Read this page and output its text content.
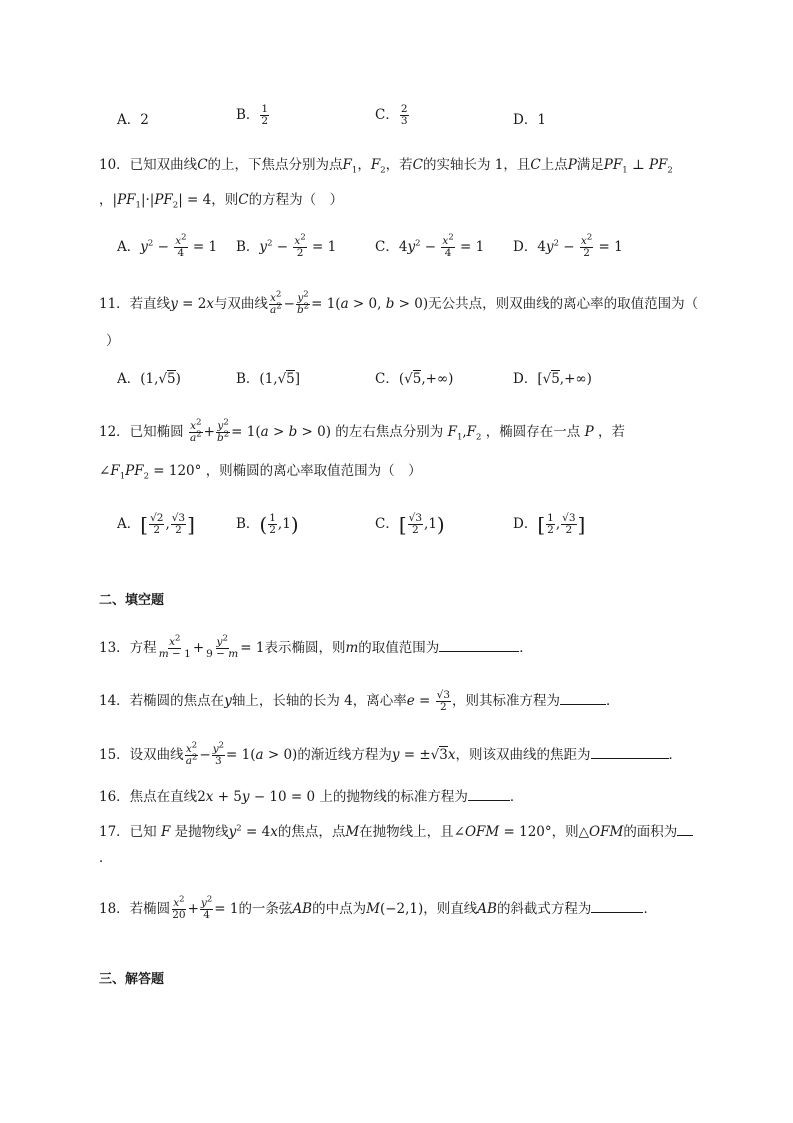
A．2	B． $\frac{1}{2}$	C． $\frac{2}{3}$	D．1
10．已知双曲线C的上，下焦点分别为点$F_1$，$F_2$，若C的实轴长为 1，且C上点P满足$PF_1$ ⊥ $PF_2$
，$|PF_1|\cdot|PF_2| = 4$，则C的方程为（　）
A．$y^2 - \frac{x^2}{4} = 1$ B．$y^2 - \frac{x^2}{2} = 1$	C．$4y^2 - \frac{x^2}{4} = 1$ D．$4y^2 - \frac{x^2}{2} = 1$
11．若直线y = 2x与双曲线 $\frac{x^2}{a^2} - \frac{y^2}{b^2} = 1(a > 0$, b > 0)无公共点，则双曲线的离心率的取值范围为（
）
A．(1,√5)	B．(1,√5]	C．(√5,+∞)	D．[√5,+∞)
12．已知椭圆 $\frac{x^2}{a^2} + \frac{y^2}{b^2} = 1(a > b > 0)$ 的左右焦点分别为 $F_1,F_2$ ，椭圆存在一点 P ，若
$\angle F_1PF_2 = 120^\circ$ ，则椭圆的离心率取值范围为（　）
A．[ $\frac{√2}{2}$ , $\frac{√3}{2}$ ]	B．( $\frac{1}{2} ,1$)	C．[ $\frac{√3}{2} ,1$)	D．[ $\frac{1}{2}$ , $\frac{√3}{2}$ ]
二、填空题
13．方程 $\frac{x^2}{m - 1} + \frac{y^2}{9 - m} = 1$表示椭圆，则m的取值范围为	．
14．若椭圆的焦点在y轴上，长轴的长为 4，离心率$e = \frac{√3}{2}$ ，则其标准方程为	．
15．设双曲线 $\frac{x^2}{a^2} - \frac{y^2}{3} = 1(a > 0)$的渐近线方程为y = ±√3x，则该双曲线的焦距为	．
16．焦点在直线2x + 5y − 10 = 0 上的抛物线的标准方程为	．
17．已知 F 是抛物线$y^2 = 4x$的焦点，点M在抛物线上，且∠OFM = 120°，则△OFM的面积为
．
18．若椭圆 $\frac{x^2}{20} + \frac{y^2}{4} = 1$的一条弦AB的中点为M(−2,1)，则直线AB的斜截式方程为	．
三、解答题
